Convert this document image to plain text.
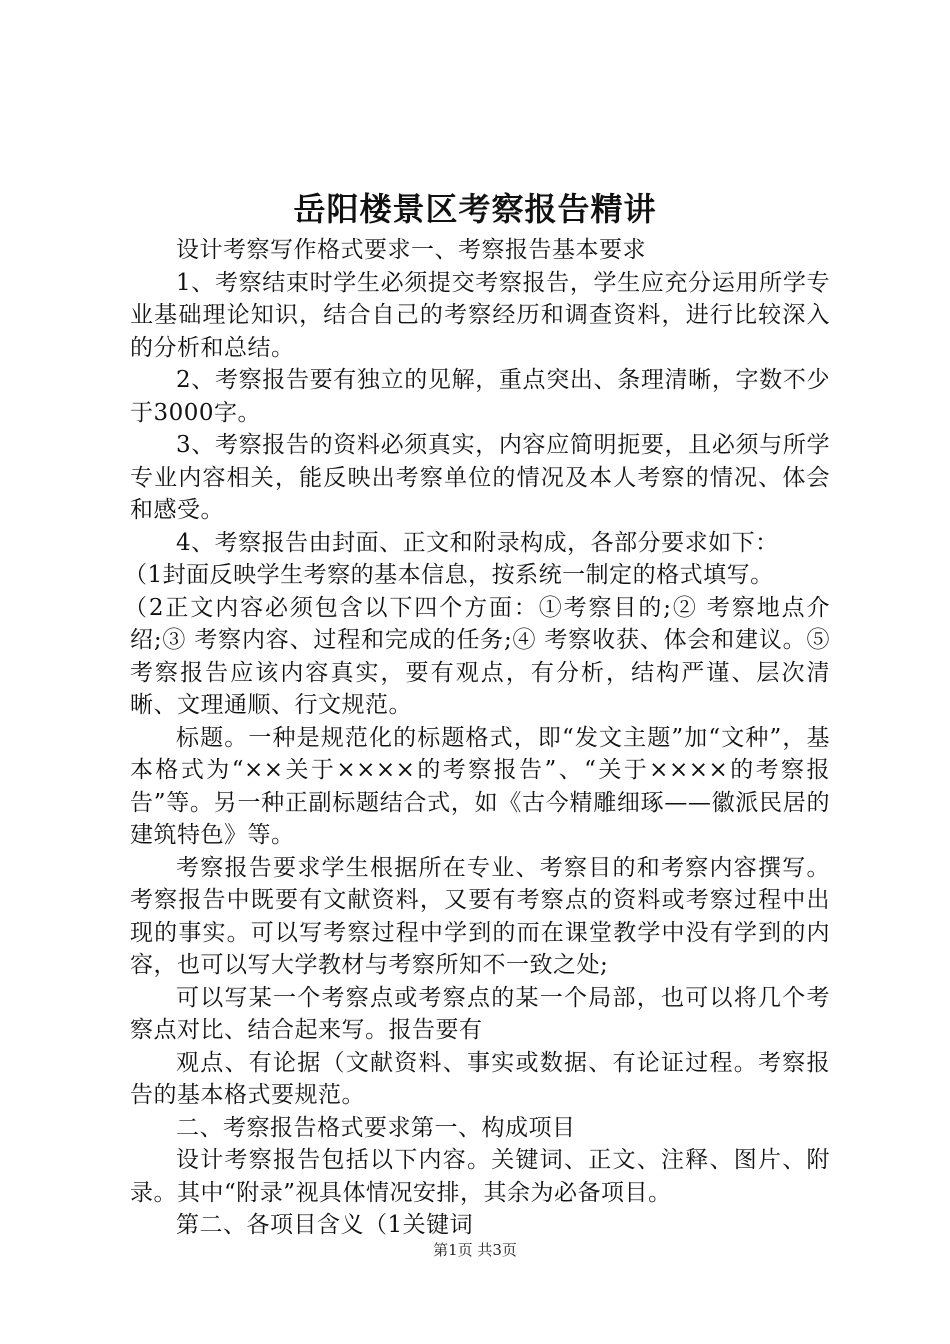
岳阳楼景区考察报告精讲

设计考察写作格式要求一、考察报告基本要求

1、考察结束时学生必须提交考察报告，学生应充分运用所学专业基础理论知识，结合自己的考察经历和调查资料，进行比较深入的分析和总结。

2、考察报告要有独立的见解，重点突出、条理清晰，字数不少于3000字。

3、考察报告的资料必须真实，内容应简明扼要，且必须与所学专业内容相关，能反映出考察单位的情况及本人考察的情况、体会和感受。

4、考察报告由封面、正文和附录构成，各部分要求如下：

（1封面反映学生考察的基本信息，按系统一制定的格式填写。

（2正文内容必须包含以下四个方面：①考察目的;② 考察地点介绍;③ 考察内容、过程和完成的任务;④ 考察收获、体会和建议。⑤考察报告应该内容真实，要有观点，有分析，结构严谨、层次清晰、文理通顺、行文规范。

标题。一种是规范化的标题格式，即“发文主题”加“文种”，基本格式为“××关于××××的考察报告”、“关于××××的考察报告”等。另一种正副标题结合式，如《古今精雕细琢——徽派民居的建筑特色》等。

考察报告要求学生根据所在专业、考察目的和考察内容撰写。考察报告中既要有文献资料，又要有考察点的资料或考察过程中出现的事实。可以写考察过程中学到的而在课堂教学中没有学到的内容，也可以写大学教材与考察所知不一致之处;

可以写某一个考察点或考察点的某一个局部，也可以将几个考察点对比、结合起来写。报告要有

观点、有论据（文献资料、事实或数据、有论证过程。考察报告的基本格式要规范。

二、考察报告格式要求第一、构成项目

设计考察报告包括以下内容。关键词、正文、注释、图片、附录。其中“附录”视具体情况安排，其余为必备项目。

第二、各项目含义（1关键词

第1页 共3页
